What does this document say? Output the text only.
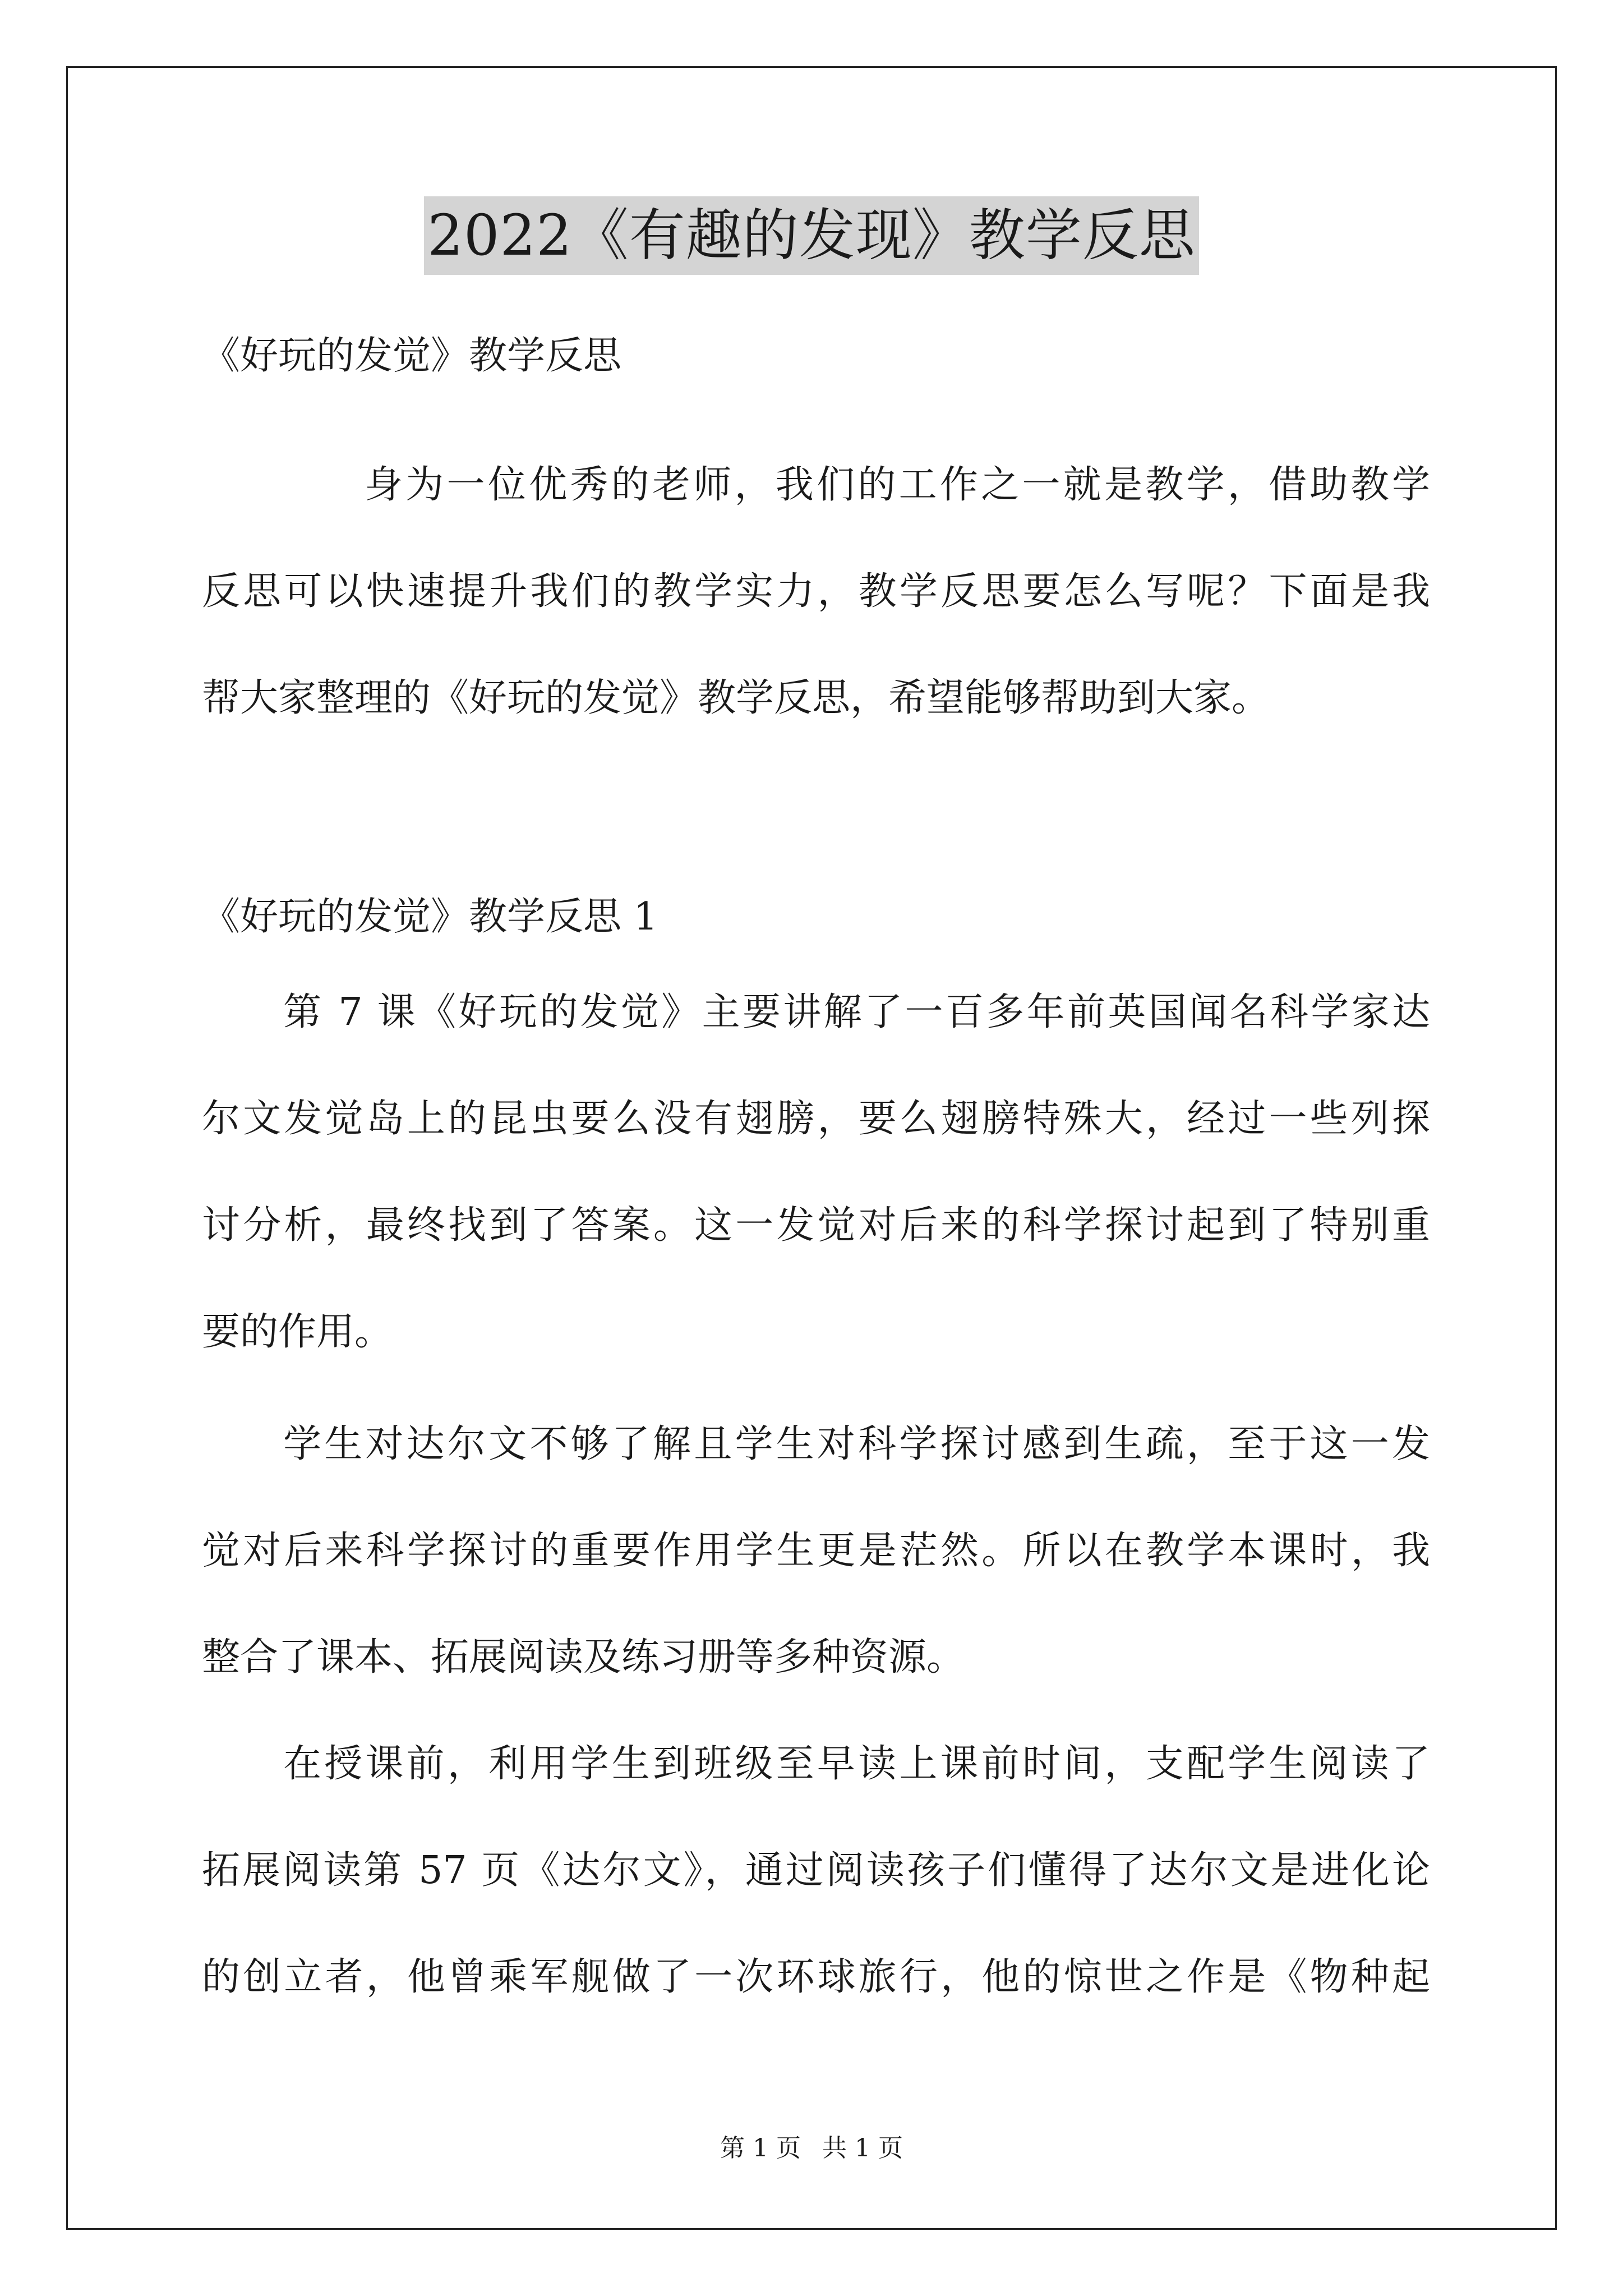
2022《有趣的发现》教学反思

《好玩的发觉》教学反思

身为一位优秀的老师，我们的工作之一就是教学，借助教学

反思可以快速提升我们的教学实力，教学反思要怎么写呢？下面是我

帮大家整理的《好玩的发觉》教学反思，希望能够帮助到大家。

《好玩的发觉》教学反思 1

第 7 课《好玩的发觉》主要讲解了一百多年前英国闻名科学家达

尔文发觉岛上的昆虫要么没有翅膀，要么翅膀特殊大，经过一些列探

讨分析，最终找到了答案。这一发觉对后来的科学探讨起到了特别重

要的作用。

学生对达尔文不够了解且学生对科学探讨感到生疏，至于这一发

觉对后来科学探讨的重要作用学生更是茫然。所以在教学本课时，我

整合了课本、拓展阅读及练习册等多种资源。

在授课前，利用学生到班级至早读上课前时间，支配学生阅读了

拓展阅读第 57 页《达尔文》，通过阅读孩子们懂得了达尔文是进化论

的创立者，他曾乘军舰做了一次环球旅行，他的惊世之作是《物种起

第 1 页 共 1 页
